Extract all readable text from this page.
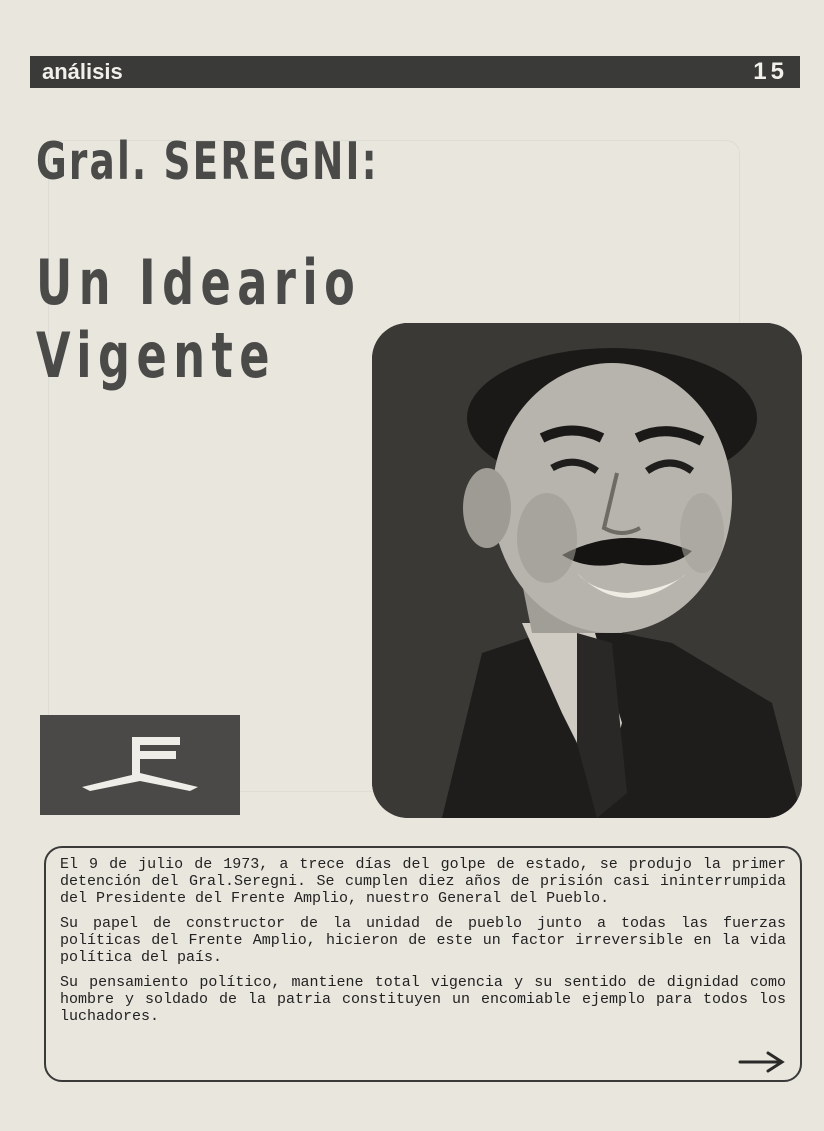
análisis	15
Gral. SEREGNI:
Un Ideario Vigente

El 9 de julio de 1973, a trece días del golpe de estado, se produjo la primer detención del Gral.Seregni. Se cumplen diez años de prisión casi ininterrumpida del Presidente del Frente Amplio, nuestro General del Pueblo.

Su papel de constructor de la unidad de pueblo junto a todas las fuerzas políticas del Frente Amplio, hicieron de este un factor irreversible en la vida política del país.

Su pensamiento político, mantiene total vigencia y su sentido de dignidad como hombre y soldado de la patria constituyen un encomiable ejemplo para todos los luchadores.
